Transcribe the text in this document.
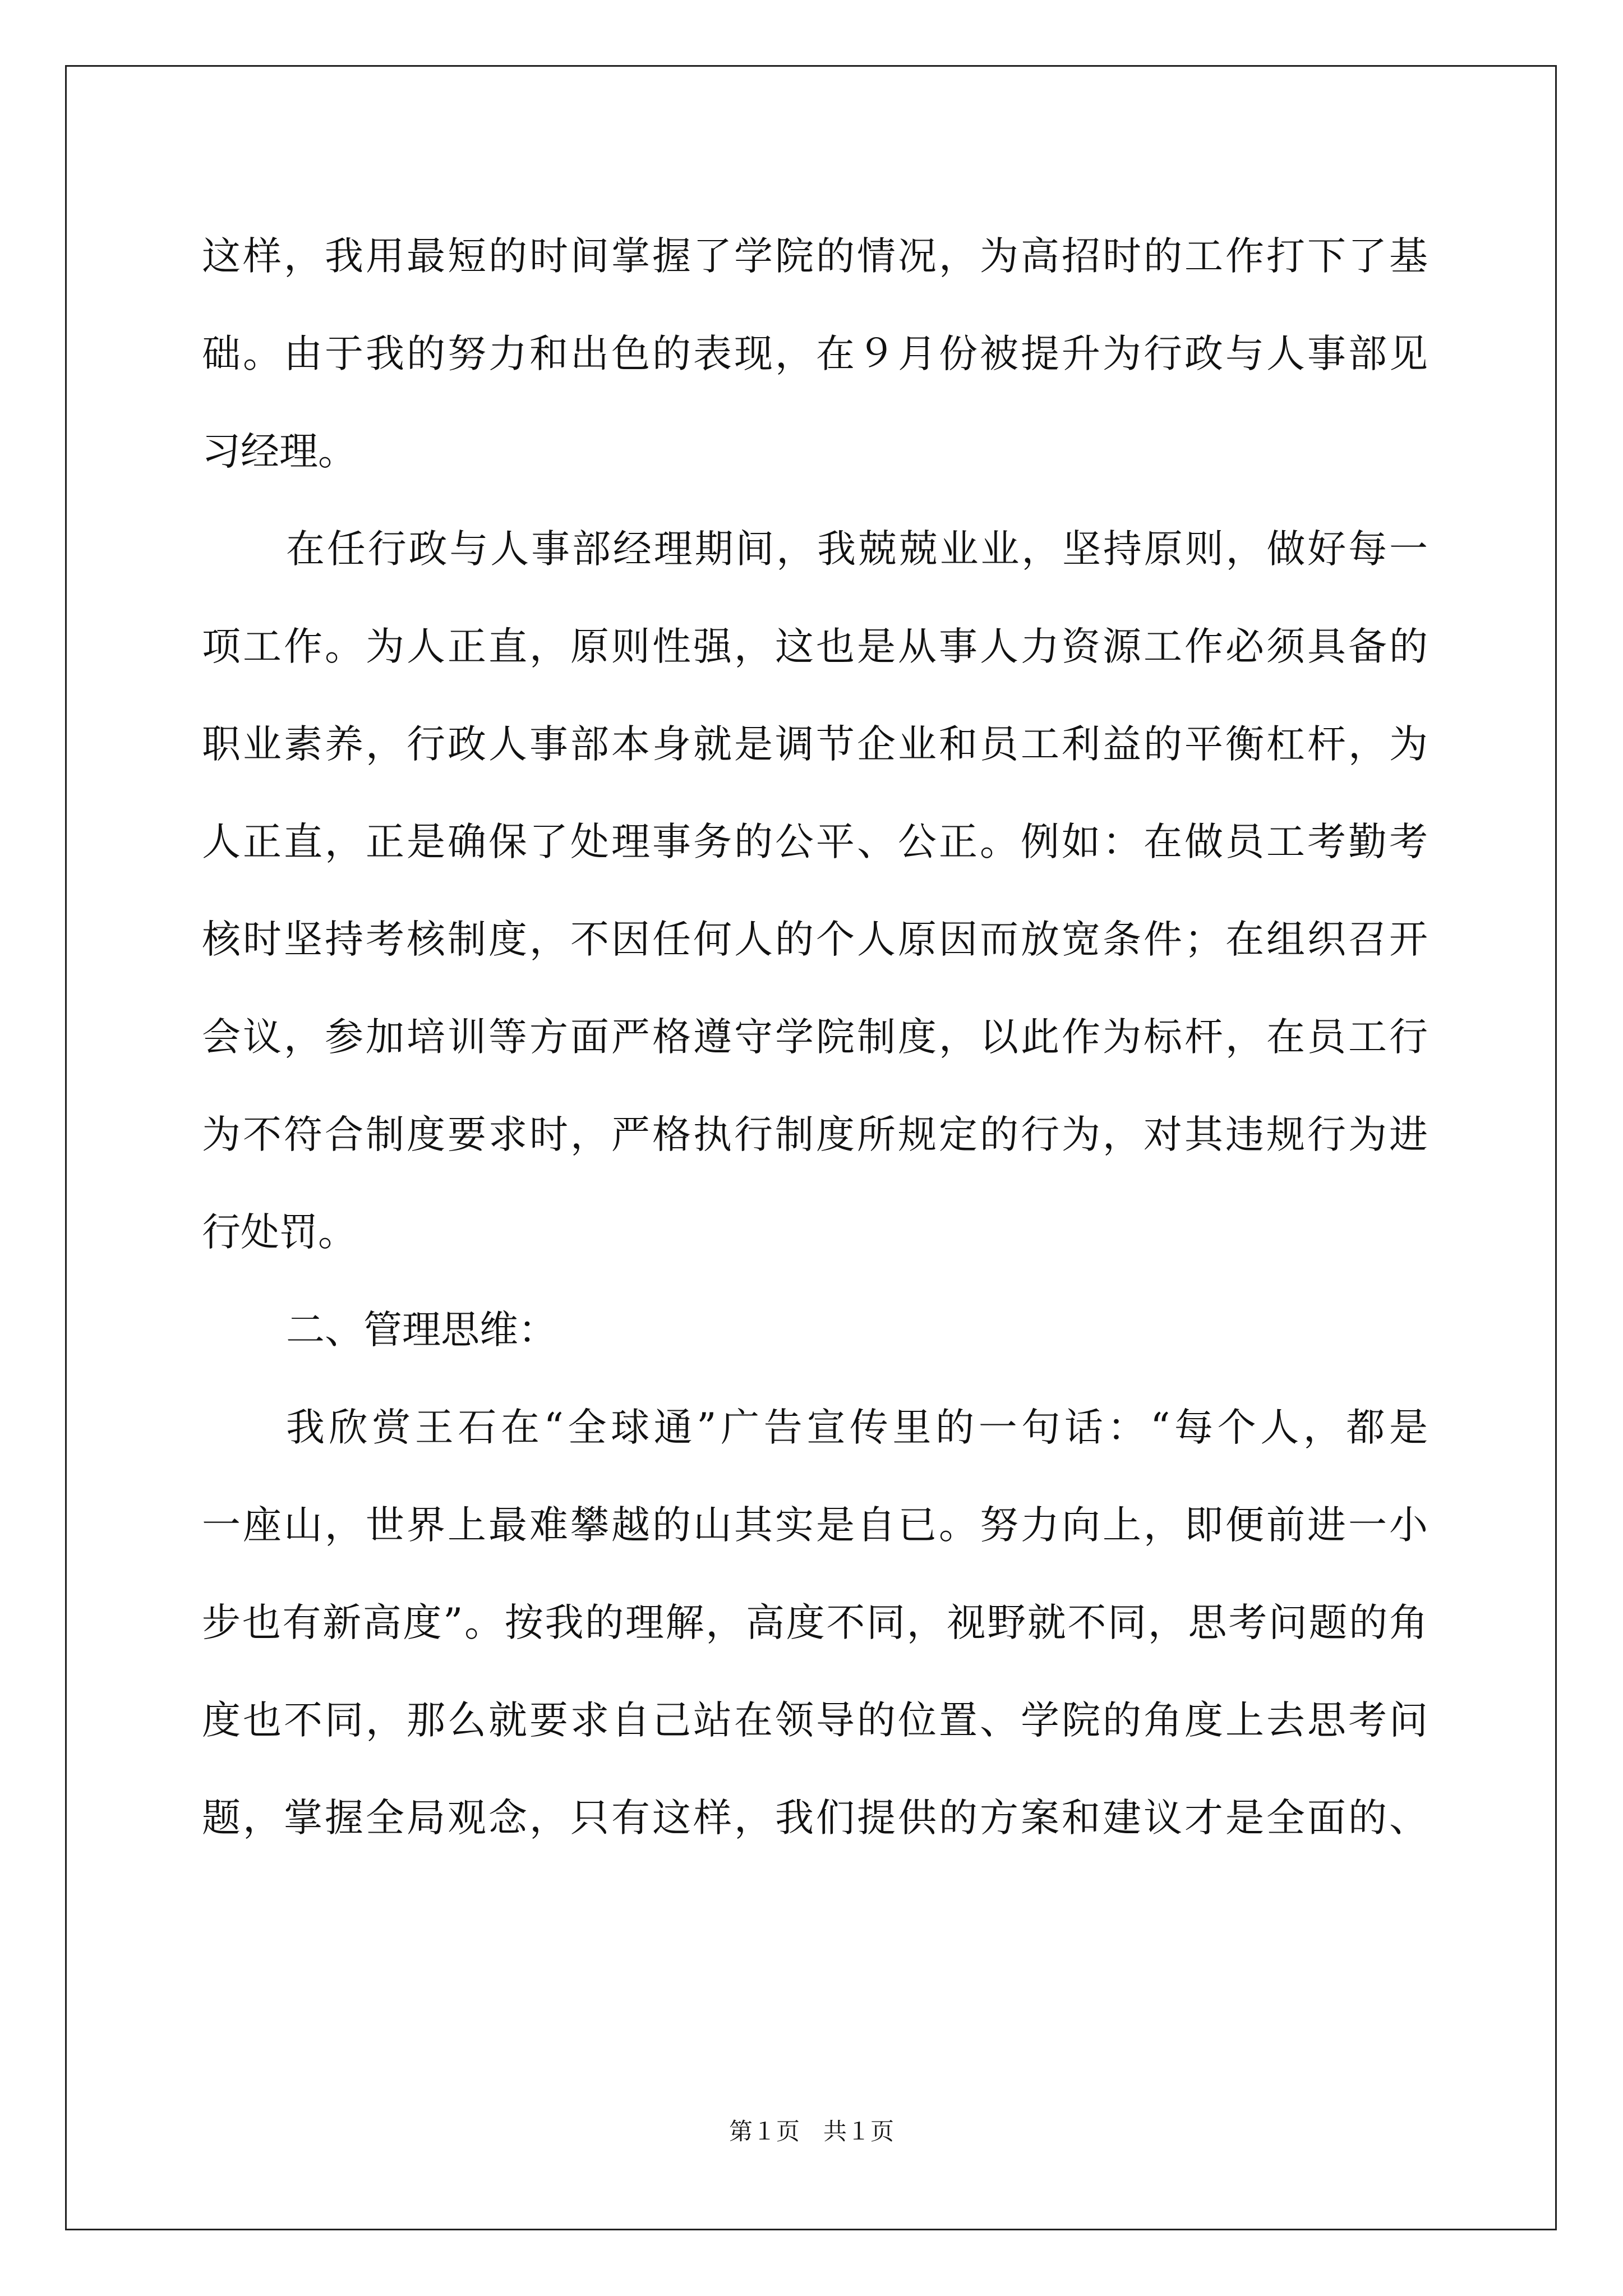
这样，我用最短的时间掌握了学院的情况，为高招时的工作打下了基
础。由于我的努力和出色的表现，在９月份被提升为行政与人事部见
习经理。
在任行政与人事部经理期间，我兢兢业业，坚持原则，做好每一
项工作。为人正直，原则性强，这也是从事人力资源工作必须具备的
职业素养，行政人事部本身就是调节企业和员工利益的平衡杠杆，为
人正直，正是确保了处理事务的公平、公正。例如：在做员工考勤考
核时坚持考核制度，不因任何人的个人原因而放宽条件；在组织召开
会议，参加培训等方面严格遵守学院制度，以此作为标杆，在员工行
为不符合制度要求时，严格执行制度所规定的行为，对其违规行为进
行处罚。
二、管理思维：
我欣赏王石在“全球通”广告宣传里的一句话：“每个人，都是
一座山，世界上最难攀越的山其实是自已。努力向上，即便前进一小
步也有新高度”。按我的理解，高度不同，视野就不同，思考问题的角
度也不同，那么就要求自己站在领导的位置、学院的角度上去思考问
题，掌握全局观念，只有这样，我们提供的方案和建议才是全面的、
第１页　共１页
